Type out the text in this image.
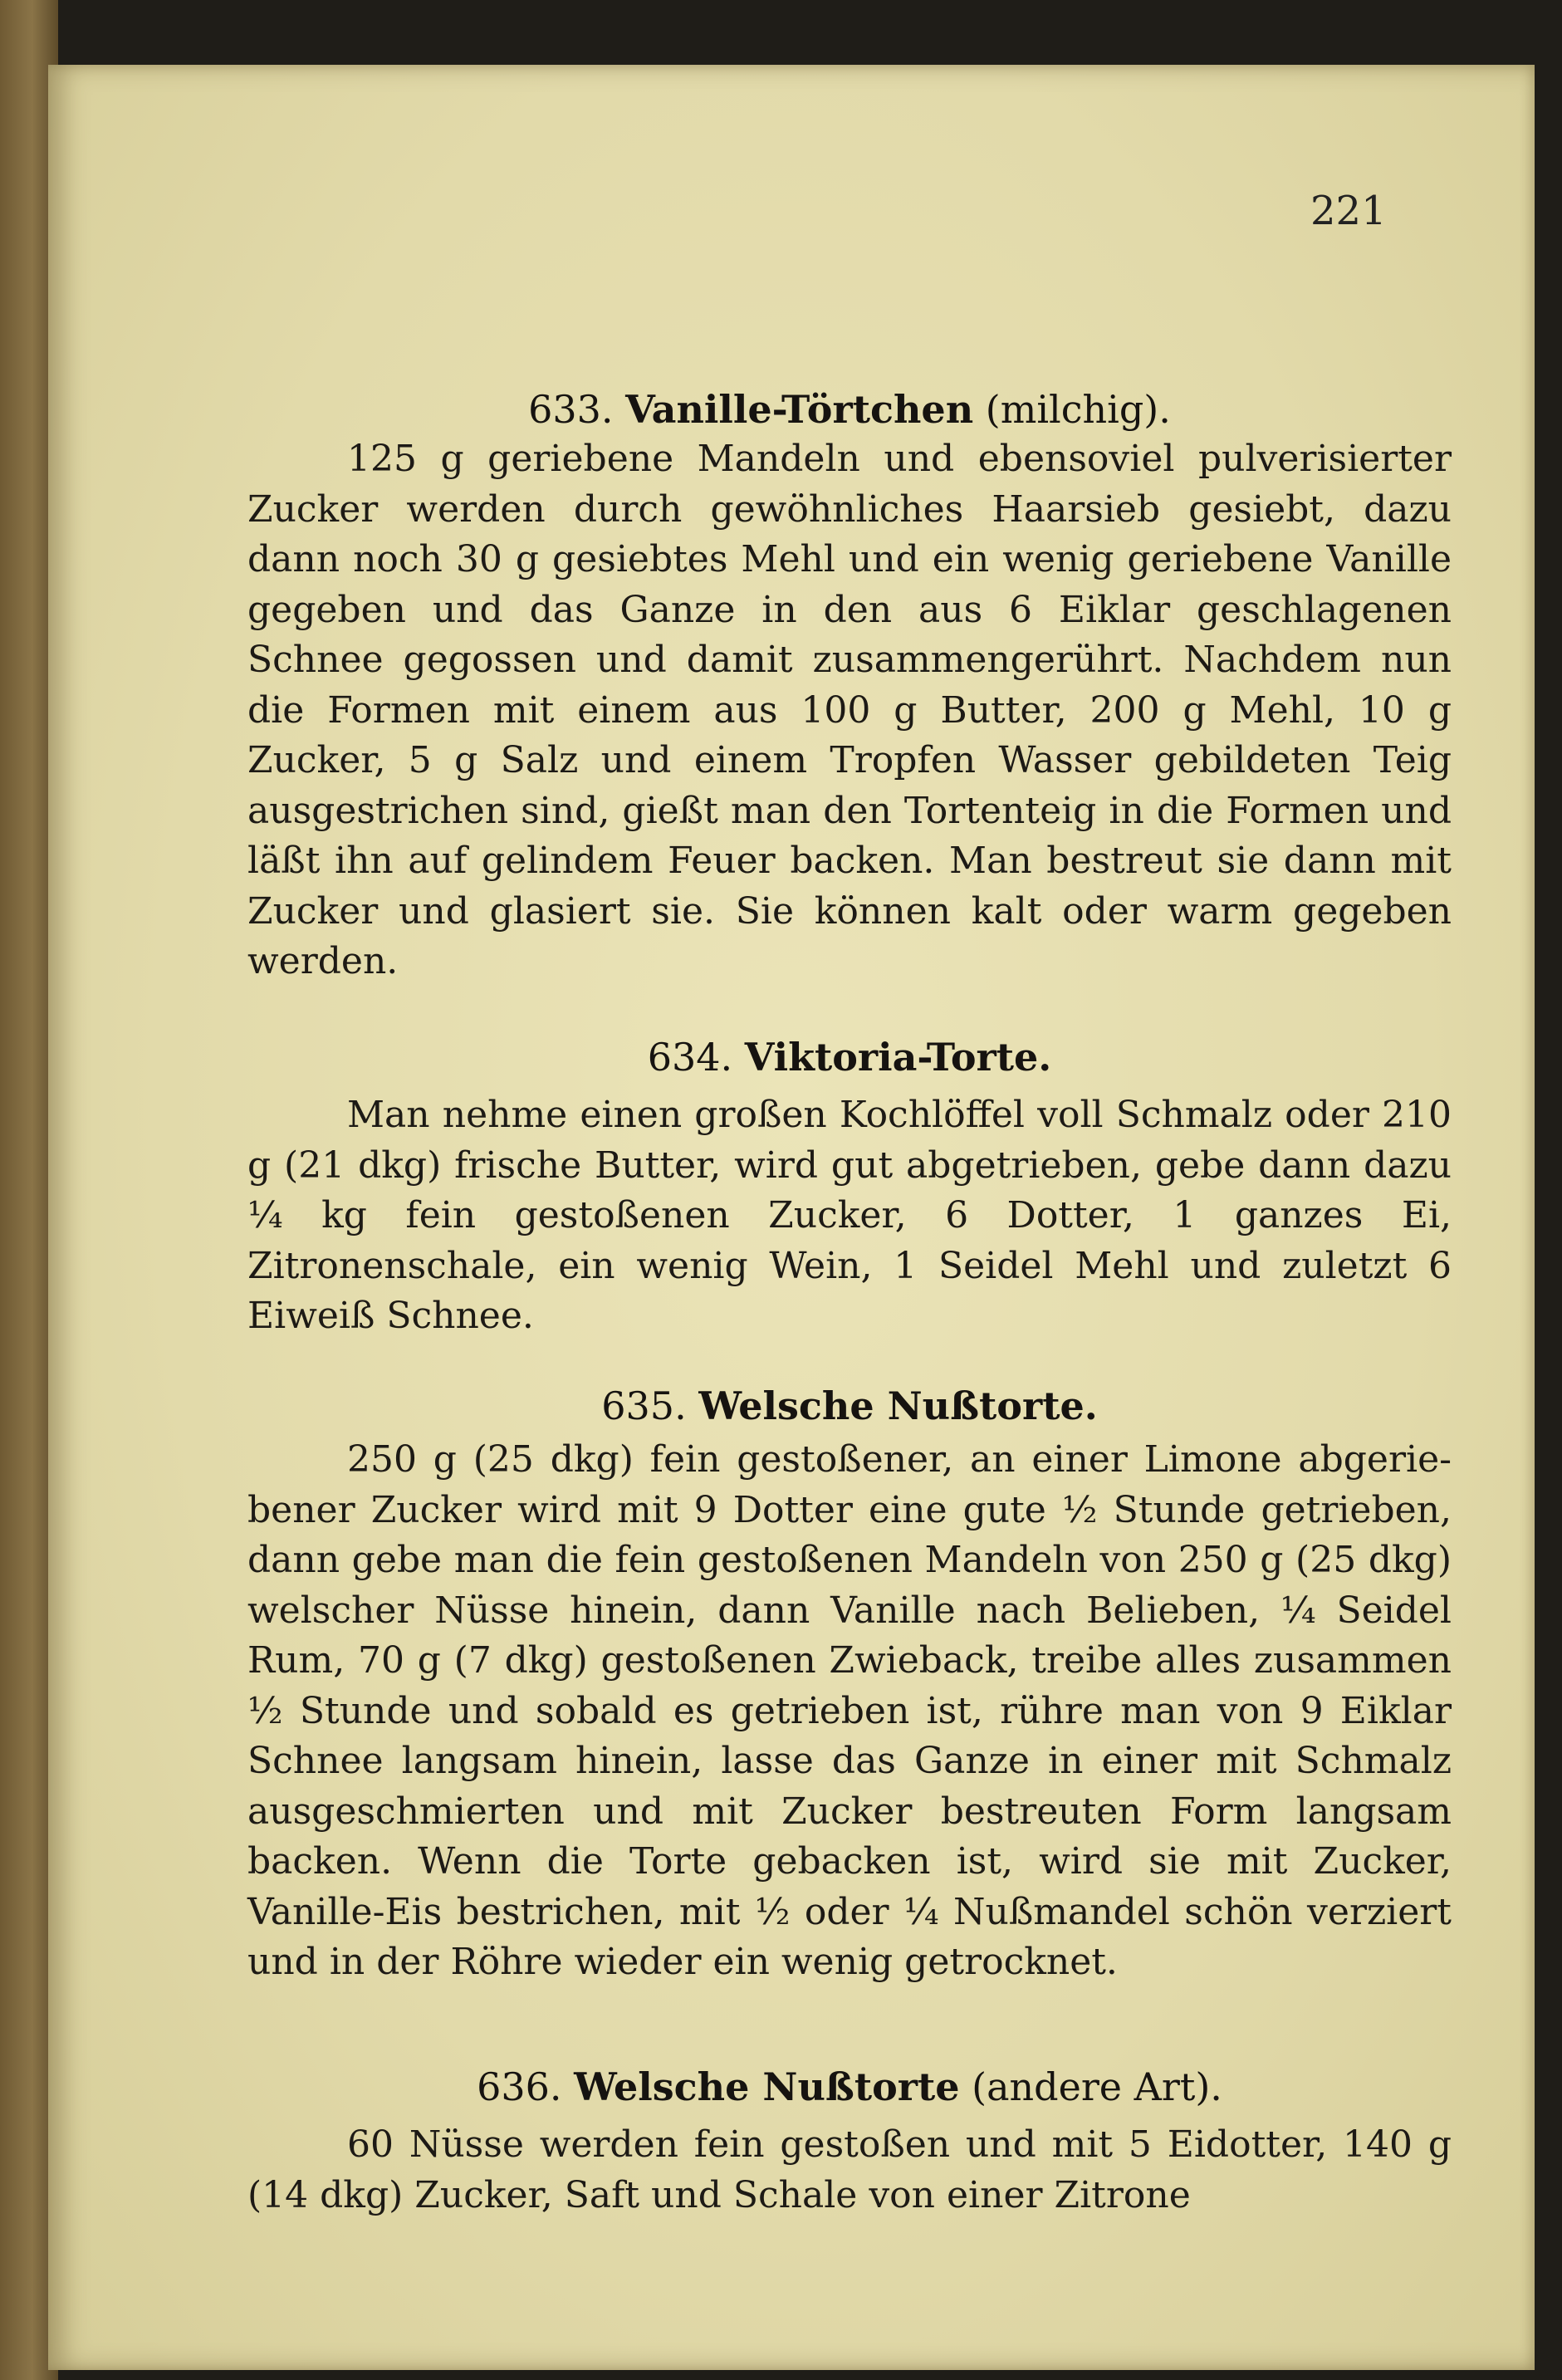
221
633. Vanille-Törtchen (milchig).

125 g geriebene Mandeln und ebensoviel pulverisierter Zucker werden durch gewöhnliches Haarsieb gesiebt, dazu dann noch 30 g gesiebtes Mehl und ein wenig geriebene Vanille gegeben und das Ganze in den aus 6 Eiklar geschlagenen Schnee gegossen und damit zusammengerührt. Nachdem nun die Formen mit einem aus 100 g Butter, 200 g Mehl, 10 g Zucker, 5 g Salz und einem Tropfen Wasser gebildeten Teig ausgestrichen sind, gießt man den Tortenteig in die Formen und läßt ihn auf gelindem Feuer backen. Man bestreut sie dann mit Zucker und glasiert sie. Sie können kalt oder warm gegeben werden.

634. Viktoria-Torte.

Man nehme einen großen Kochlöffel voll Schmalz oder 210 g (21 dkg) frische Butter, wird gut abgetrieben, gebe dann dazu ¼ kg fein gestoßenen Zucker, 6 Dotter, 1 ganzes Ei, Zitronenschale, ein wenig Wein, 1 Seidel Mehl und zuletzt 6 Eiweiß Schnee.

635. Welsche Nußtorte.

250 g (25 dkg) fein gestoßener, an einer Limone abgeriebener Zucker wird mit 9 Dotter eine gute ½ Stunde getrieben, dann gebe man die fein gestoßenen Mandeln von 250 g (25 dkg) welscher Nüsse hinein, dann Vanille nach Belieben, ¼ Seidel Rum, 70 g (7 dkg) gestoßenen Zwieback, treibe alles zusammen ½ Stunde und sobald es getrieben ist, rühre man von 9 Eiklar Schnee langsam hinein, lasse das Ganze in einer mit Schmalz ausgeschmierten und mit Zucker bestreuten Form langsam backen. Wenn die Torte gebacken ist, wird sie mit Zucker, Vanille-Eis bestrichen, mit ½ oder ¼ Nußmandel schön verziert und in der Röhre wieder ein wenig getrocknet.

636. Welsche Nußtorte (andere Art).

60 Nüsse werden fein gestoßen und mit 5 Eidotter, 140 g (14 dkg) Zucker, Saft und Schale von einer Zitrone
